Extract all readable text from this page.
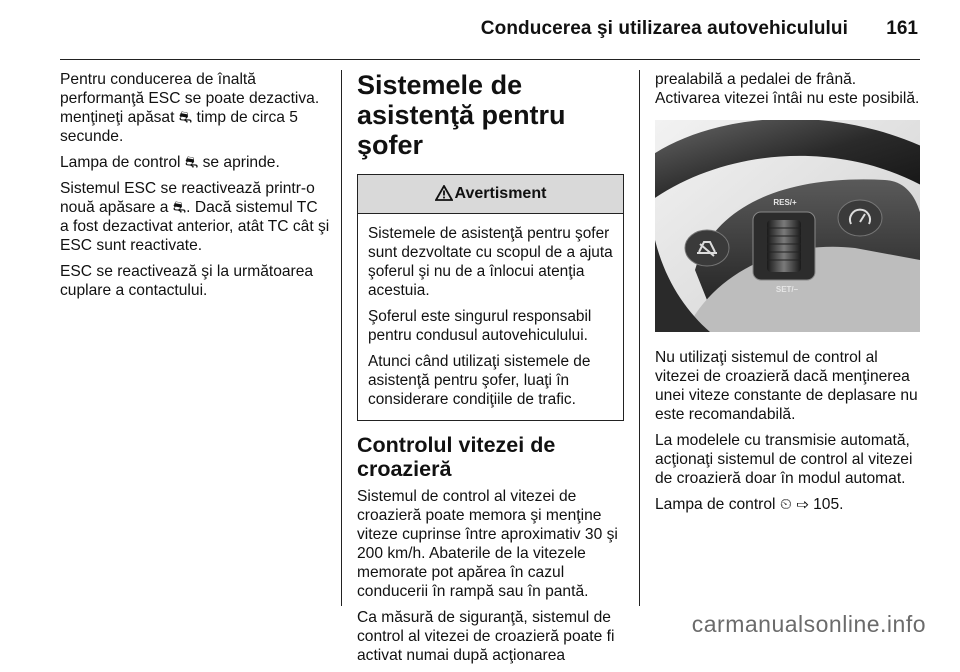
Conducerea şi utilizarea autovehiculului 161

Pentru conducerea de înaltă performanţă ESC se poate dezactiva. menţineţi apăsat ⛐ timp de circa 5 secunde.

Lampa de control ⛐ se aprinde.

Sistemul ESC se reactivează printr-o nouă apăsare a ⛐. Dacă sistemul TC a fost dezactivat anterior, atât TC cât şi ESC sunt reactivate.

ESC se reactivează şi la următoarea cuplare a contactului.

Sistemele de asistenţă pentru şofer
Avertisment

Sistemele de asistenţă pentru şofer sunt dezvoltate cu scopul de a ajuta şoferul şi nu de a înlocui atenţia acestuia.

Şoferul este singurul responsabil pentru condusul autovehiculului.

Atunci când utilizaţi sistemele de asistenţă pentru şofer, luaţi în considerare condiţiile de trafic.

Controlul vitezei de croazieră

Sistemul de control al vitezei de croazieră poate memora şi menţine viteze cuprinse între aproximativ 30 şi 200 km/h. Abaterile de la vitezele memorate pot apărea în cazul conducerii în rampă sau în pantă.

Ca măsură de siguranţă, sistemul de control al vitezei de croazieră poate fi activat numai după acţionarea

prealabilă a pedalei de frână. Activarea vitezei întâi nu este posibilă.

RES/+
SET/–

Nu utilizaţi sistemul de control al vitezei de croazieră dacă menţinerea unei viteze constante de deplasare nu este recomandabilă.

La modelele cu transmisie automată, acţionaţi sistemul de control al vitezei de croazieră doar în modul automat.

Lampa de control ⏲ ⇨ 105.

carmanualsonline.info
